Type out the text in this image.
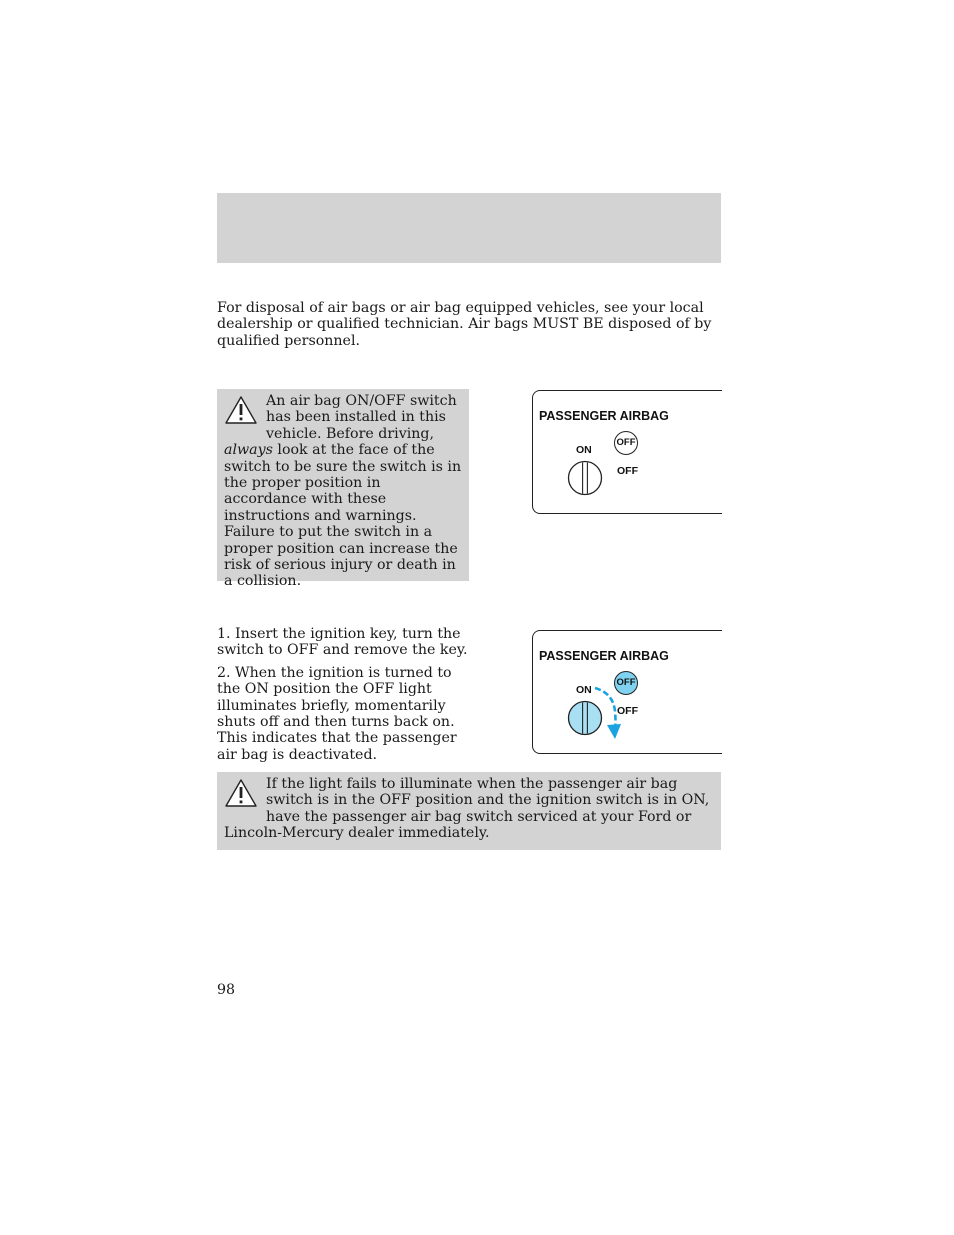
For disposal of air bags or air bag equipped vehicles, see your local dealership or qualified technician. Air bags MUST BE disposed of by qualified personnel.

An air bag ON/OFF switch has been installed in this vehicle. Before driving, always look at the face of the switch to be sure the switch is in the proper position in accordance with these instructions and warnings. Failure to put the switch in a proper position can increase the risk of serious injury or death in a collision.
PASSENGER AIRBAG
ON
OFF
OFF

1. Insert the ignition key, turn the switch to OFF and remove the key.

2. When the ignition is turned to the ON position the OFF light illuminates briefly, momentarily shuts off and then turns back on. This indicates that the passenger air bag is deactivated.

PASSENGER AIRBAG
ON
OFF
OFF
If the light fails to illuminate when the passenger air bag switch is in the OFF position and the ignition switch is in ON, have the passenger air bag switch serviced at your Ford or Lincoln-Mercury dealer immediately.
98
